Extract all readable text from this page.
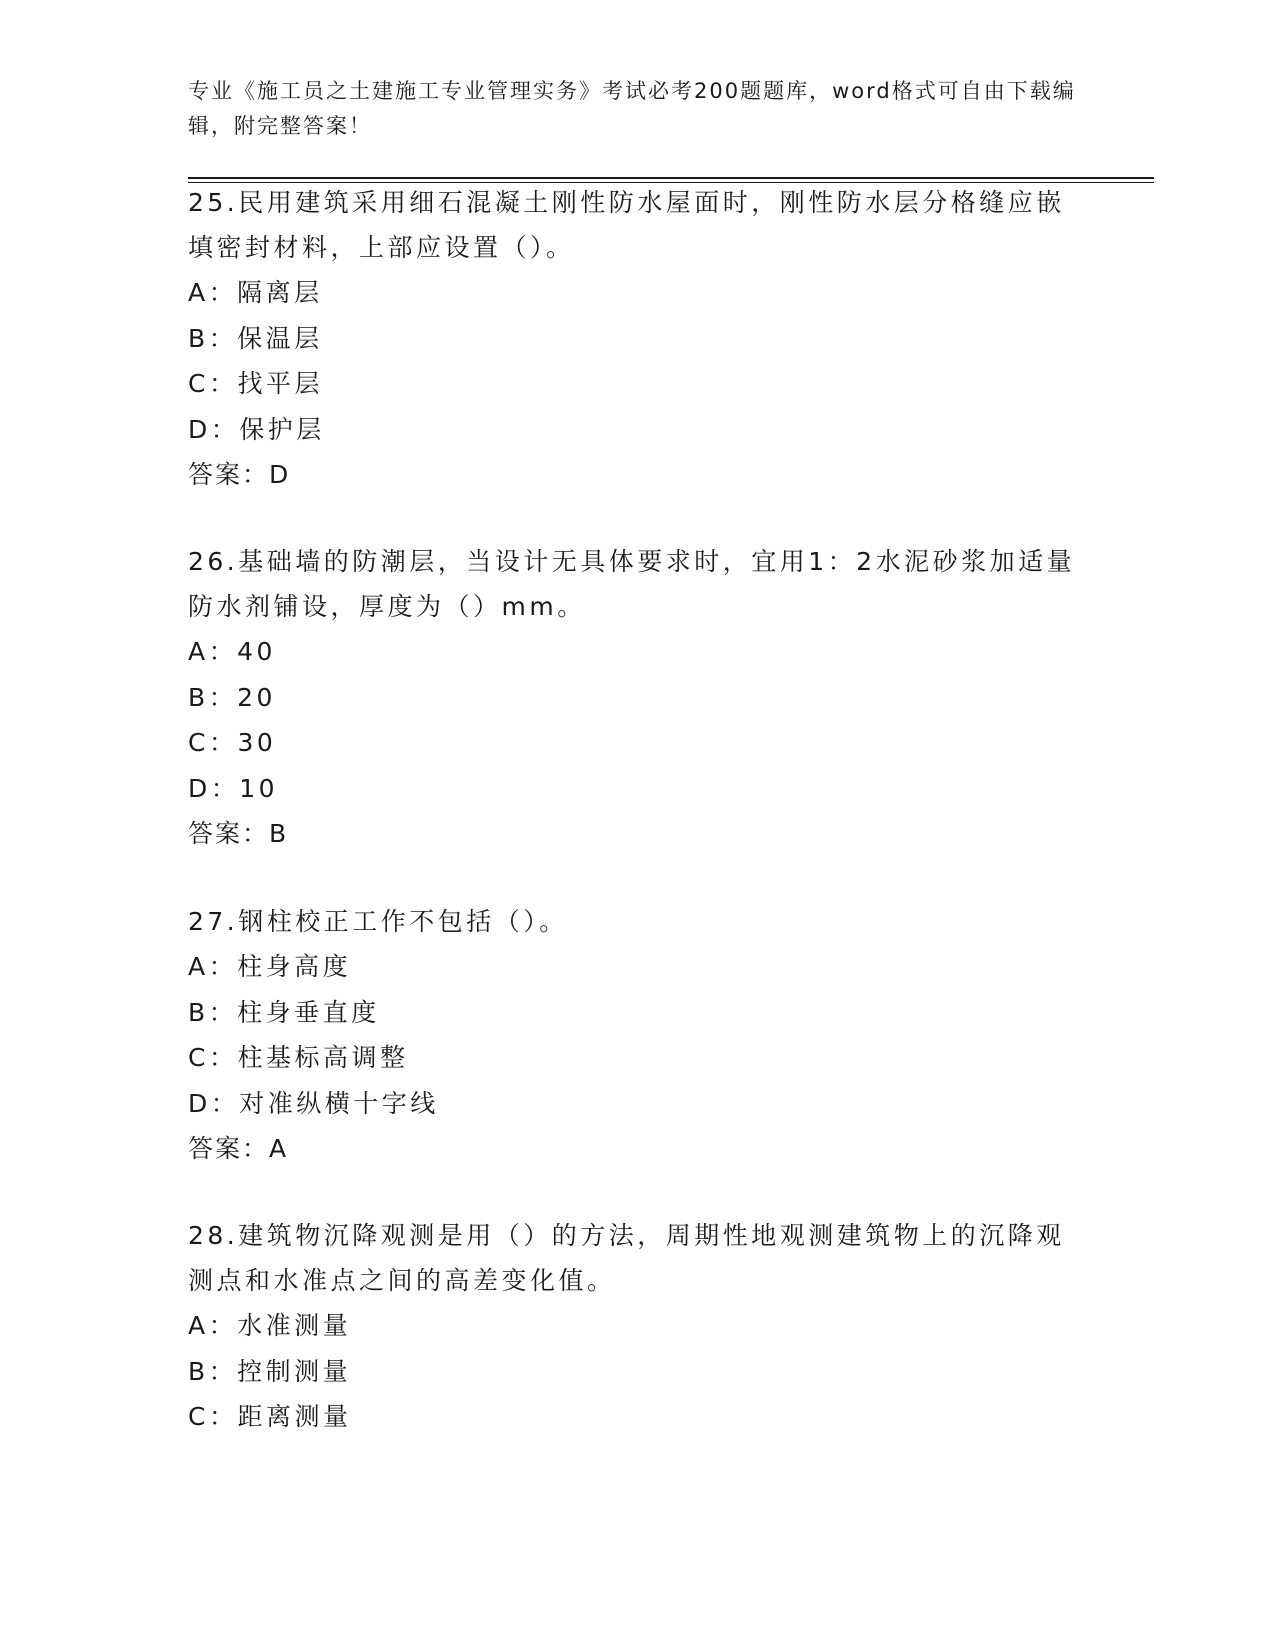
专业《施工员之土建施工专业管理实务》考试必考200题题库，word格式可自由下载编辑，附完整答案！

25.民用建筑采用细石混凝土刚性防水屋面时，刚性防水层分格缝应嵌填密封材料，上部应设置（）。

A：隔离层

B：保温层

C：找平层

D：保护层

答案：D

26.基础墙的防潮层，当设计无具体要求时，宜用1：2水泥砂浆加适量防水剂铺设，厚度为（）mm。

A：40

B：20

C：30

D：10

答案：B

27.钢柱校正工作不包括（）。

A：柱身高度

B：柱身垂直度

C：柱基标高调整

D：对准纵横十字线

答案：A

28.建筑物沉降观测是用（）的方法，周期性地观测建筑物上的沉降观测点和水准点之间的高差变化值。

A：水准测量

B：控制测量

C：距离测量
